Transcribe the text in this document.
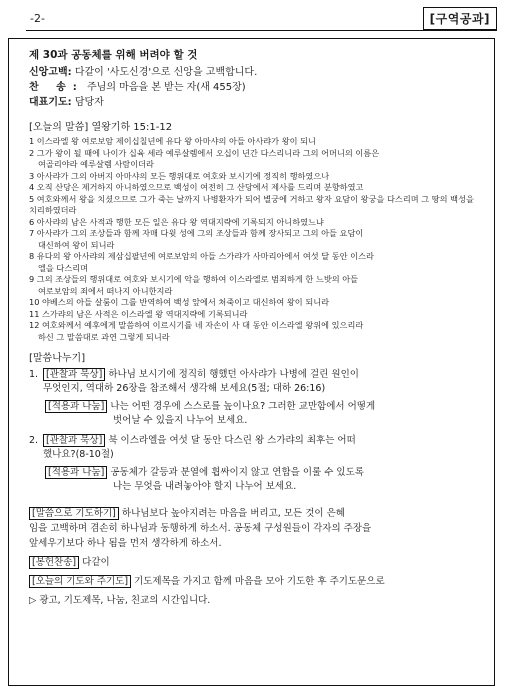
-2-	[구역공과]
제 30과 공동체를 위해 버려야 할 것
신앙고백: 다같이 '사도신경'으로 신앙을 고백합니다.
찬 송: 주님의 마음을 본 받는 자(새 455장)
대표기도: 담당자
[오늘의 말씀] 열왕기하 15:1-12
1 이스라엘 왕 여로보암 제이십칠년에 유다 왕 아마샤의 아들 아사랴가 왕이 되니
2 그가 왕이 될 때에 나이가 십육 세라 예루살렘에서 오십이 년간 다스리니라 그의 어머니의 이름은
여골리야라 예루살렘 사람이더라
3 아사랴가 그의 아버지 아마샤의 모든 행위대로 여호와 보시기에 정직히 행하였으나
4 오직 산당은 제거하지 아니하였으므로 백성이 여전히 그 산당에서 제사를 드리며 분향하였고
5 여호와께서 왕을 치셨으므로 그가 죽는 날까지 나병환자가 되어 별궁에 거하고 왕자 요담이 왕궁을 다스리며 그 땅의 백성을 치리하였더라
6 아사랴의 남은 사적과 행한 모든 일은 유다 왕 역대지략에 기록되지 아니하였느냐
7 아사랴가 그의 조상들과 함께 자매 다윗 성에 그의 조상들과 함께 장사되고 그의 아들 요담이
대신하여 왕이 되니라
8 유다의 왕 아사랴의 제삼십팔년에 여로보암의 아들 스가랴가 사마리아에서 여섯 달 동안 이스라
엘을 다스리며
9 그의 조상들의 행위대로 여호와 보시기에 악을 행하여 이스라엘로 범죄하게 한 느밧의 아들
여로보암의 죄에서 떠나지 아니한지라
10 야베스의 아들 살룸이 그를 반역하여 백성 앞에서 쳐죽이고 대신하여 왕이 되니라
11 스가랴의 남은 사적은 이스라엘 왕 역대지략에 기록되니라
12 여호와께서 예후에게 말씀하여 이르시기를 네 자손이 사 대 동안 이스라엘 왕위에 있으리라
하신 그 말씀대로 과연 그렇게 되니라
[말씀나누기]
1. [관찰과 묵상] 하나님 보시기에 정직히 행했던 아사랴가 나병에 걸린 원인이
무엇인지, 역대하 26장을 참조해서 생각해 보세요(5절; 대하 26:16)
[적용과 나눔] 나는 어떤 경우에 스스로를 높이나요? 그러한 교만함에서 어떻게
벗어날 수 있을지 나누어 보세요.
2. [관찰과 묵상] 북 이스라엘을 여섯 달 동안 다스린 왕 스가랴의 최후는 어떠
했나요?(8-10절)
[적용과 나눔] 공동체가 갈등과 분열에 휩싸이지 않고 연합을 이룰 수 있도록
나는 무엇을 내려놓아야 할지 나누어 보세요.
[말씀으로 기도하기] 하나님보다 높아지려는 마음을 버리고, 모든 것이 은혜
임을 고백하며 겸손히 하나님과 동행하게 하소서. 공동체 구성원들이 각자의 주장을
앞세우기보다 하나 됨을 먼저 생각하게 하소서.
[봉헌찬송] 다같이
[오늘의 기도와 주기도] 기도제목을 가지고 함께 마음을 모아 기도한 후 주기도문으로
▷ 광고, 기도제목, 나눔, 친교의 시간입니다.
